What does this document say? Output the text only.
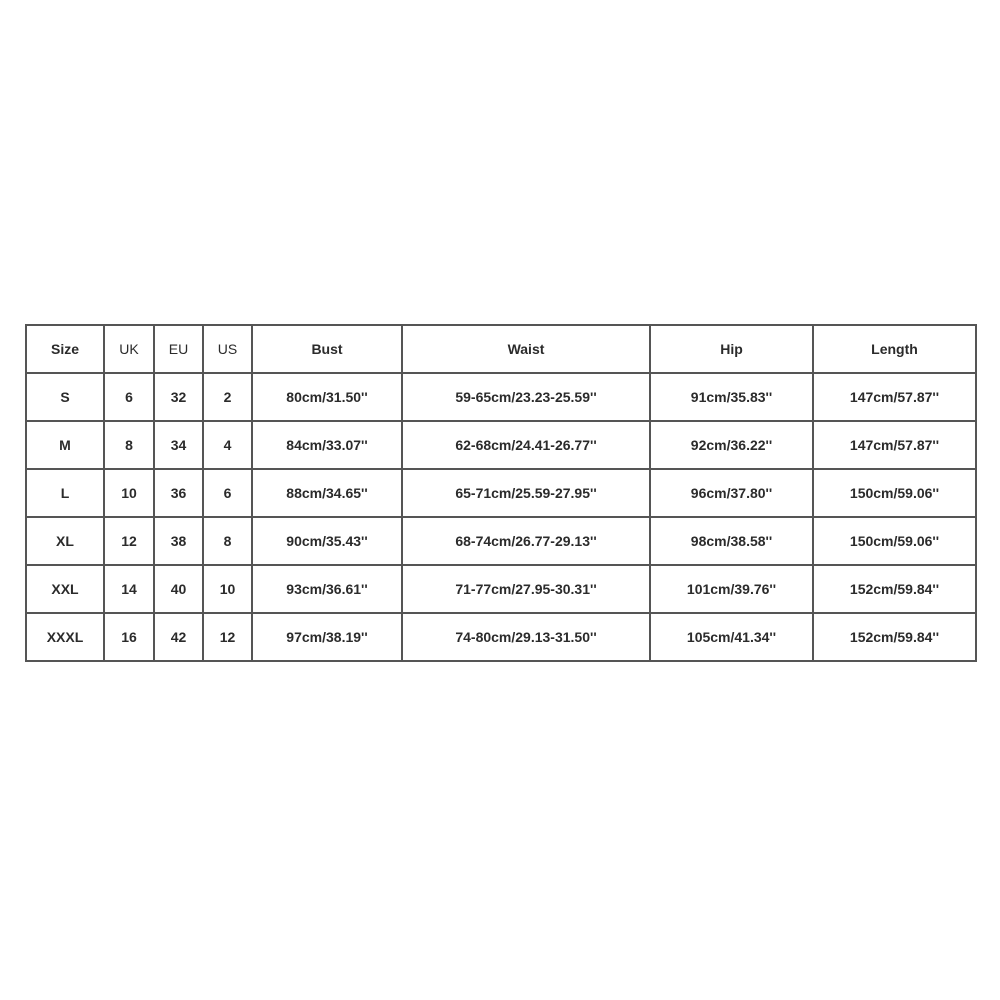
Size	UK	EU	US	Bust	Waist	Hip	Length
S	6	32	2	80cm/31.50''	59-65cm/23.23-25.59''	91cm/35.83''	147cm/57.87''
M	8	34	4	84cm/33.07''	62-68cm/24.41-26.77''	92cm/36.22''	147cm/57.87''
L	10	36	6	88cm/34.65''	65-71cm/25.59-27.95''	96cm/37.80''	150cm/59.06''
XL	12	38	8	90cm/35.43''	68-74cm/26.77-29.13''	98cm/38.58''	150cm/59.06''
XXL	14	40	10	93cm/36.61''	71-77cm/27.95-30.31''	101cm/39.76''	152cm/59.84''
XXXL	16	42	12	97cm/38.19''	74-80cm/29.13-31.50''	105cm/41.34''	152cm/59.84''
